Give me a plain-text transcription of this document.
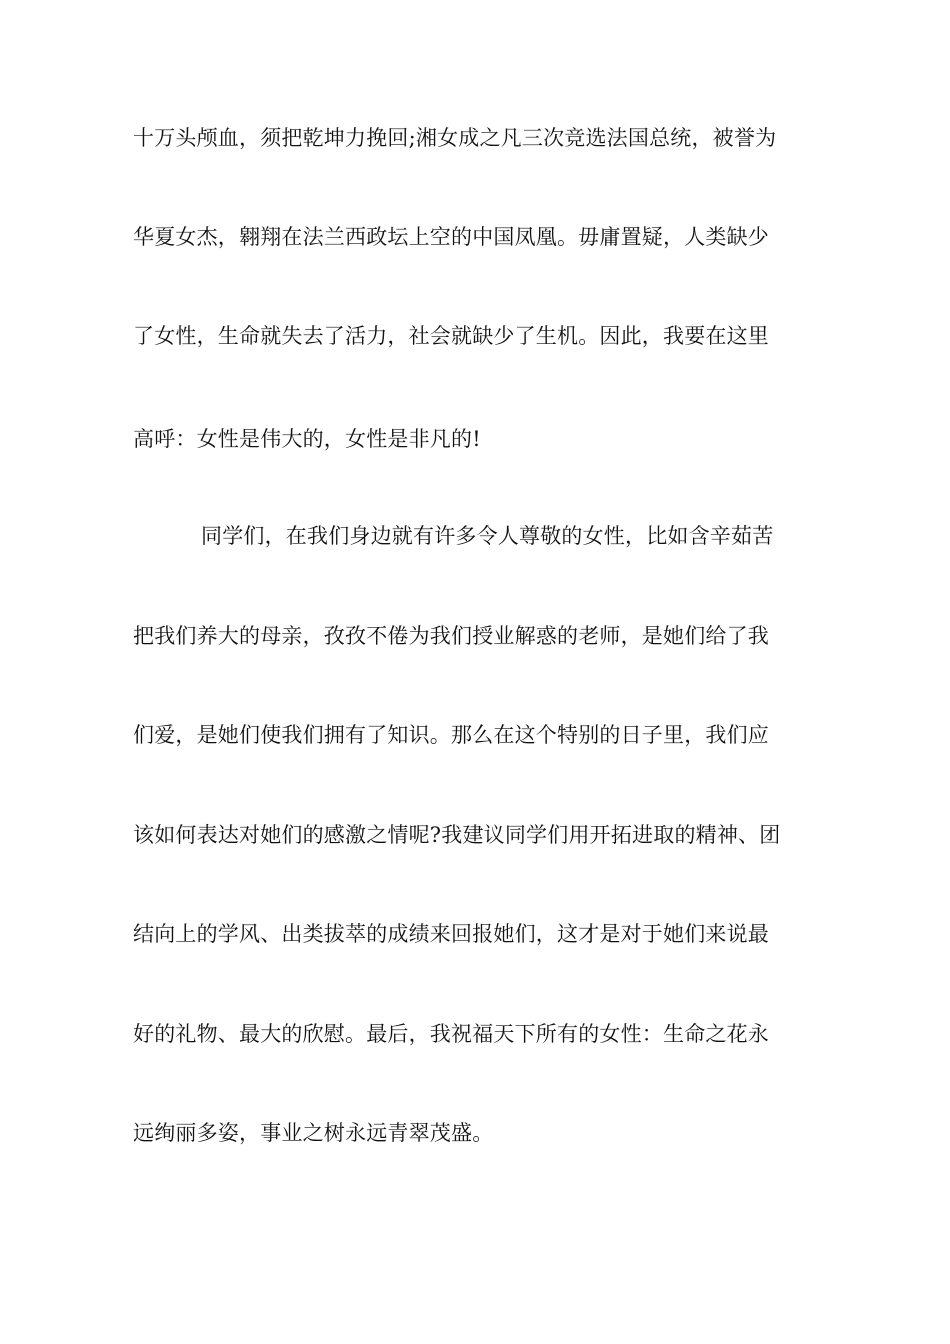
十万头颅血，须把乾坤力挽回;湘女成之凡三次竞选法国总统，被誉为
华夏女杰，翱翔在法兰西政坛上空的中国凤凰。毋庸置疑，人类缺少
了女性，生命就失去了活力，社会就缺少了生机。因此，我要在这里
高呼：女性是伟大的，女性是非凡的!
同学们，在我们身边就有许多令人尊敬的女性，比如含辛茹苦
把我们养大的母亲，孜孜不倦为我们授业解惑的老师，是她们给了我
们爱，是她们使我们拥有了知识。那么在这个特别的日子里，我们应
该如何表达对她们的感激之情呢?我建议同学们用开拓进取的精神、团
结向上的学风、出类拔萃的成绩来回报她们，这才是对于她们来说最
好的礼物、最大的欣慰。最后，我祝福天下所有的女性：生命之花永
远绚丽多姿，事业之树永远青翠茂盛。
